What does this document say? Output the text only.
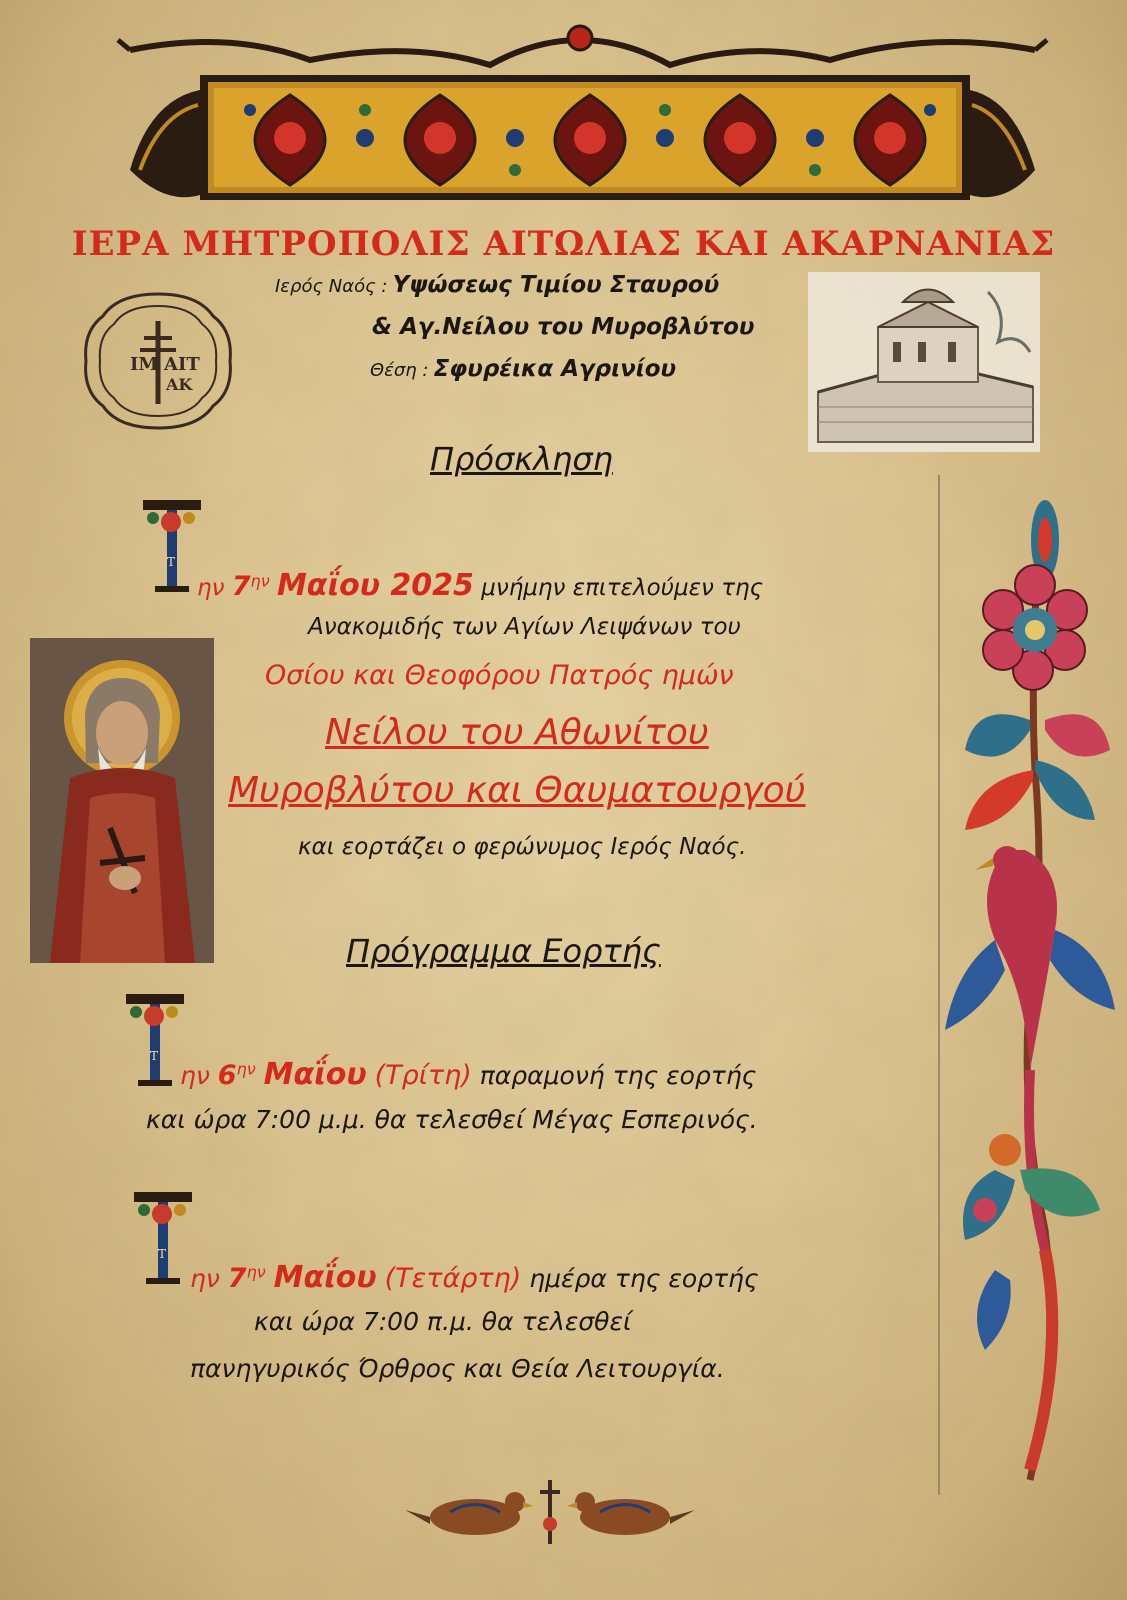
ΙΕΡΑ ΜΗΤΡΟΠΟΛΙΣ ΑΙΤΩΛΙΑΣ ΚΑΙ ΑΚΑΡΝΑΝΙΑΣ
ΙΜ ΑΙΤ
ΑΚ
Ιερός Ναός : Υψώσεως Τιμίου Σταυρού
& Αγ.Νείλου του Μυροβλύτου
Θέση : Σφυρέικα Αγρινίου
Πρόσκληση
Τ
ην $7^{\eta\nu}$ Μαΐου 2025 μνήμην επιτελούμεν της
Ανακομιδής των Αγίων Λειψάνων του
Οσίου και Θεοφόρου Πατρός ημών
Νείλου του Αθωνίτου
Μυροβλύτου και Θαυματουργού
και εορτάζει ο φερώνυμος Ιερός Ναός.
Πρόγραμμα Εορτής
Τ
ην $6^{\eta\nu}$ Μαΐου (Τρίτη) παραμονή της εορτής
και ώρα 7:00 μ.μ. θα τελεσθεί Μέγας Εσπερινός.
Τ
ην $7^{\eta\nu}$ Μαΐου (Τετάρτη) ημέρα της εορτής
και ώρα 7:00 π.μ. θα τελεσθεί
πανηγυρικός Όρθρος και Θεία Λειτουργία.
